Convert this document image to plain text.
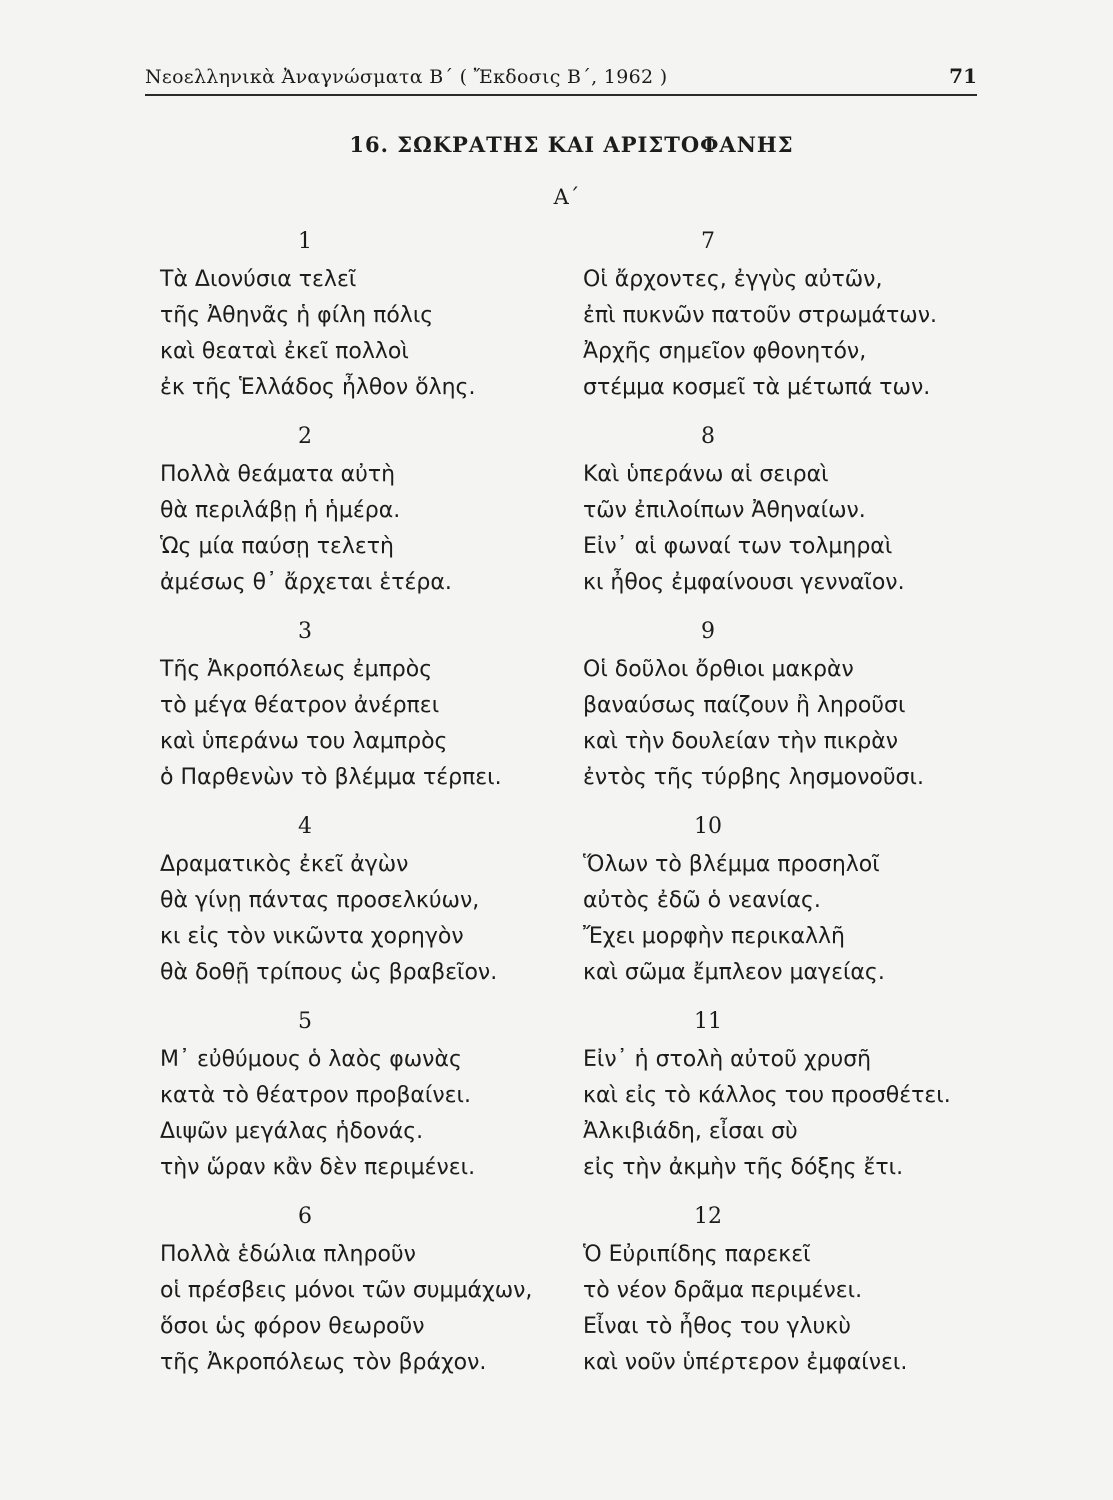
Νεοελληνικὰ Ἀναγνώσματα Β´ ( Ἔκδοσις Β´, 1962 )	71
16. ΣΩΚΡΑΤΗΣ ΚΑΙ ΑΡΙΣΤΟΦΑΝΗΣ
Α´
1
Τὰ Διονύσια τελεῖ
τῆς Ἀθηνᾶς ἡ φίλη πόλις
καὶ θεαταὶ ἐκεῖ πολλοὶ
ἐκ τῆς Ἑλλάδος ἦλθον ὅλης.
2
Πολλὰ θεάματα αὐτὴ
θὰ περιλάβῃ ἡ ἡμέρα.
Ὡς μία παύσῃ τελετὴ
ἀμέσως θ᾿ ἄρχεται ἑτέρα.
3
Τῆς Ἀκροπόλεως ἐμπρὸς
τὸ μέγα θέατρον ἀνέρπει
καὶ ὑπεράνω του λαμπρὸς
ὁ Παρθενὼν τὸ βλέμμα τέρπει.
4
Δραματικὸς ἐκεῖ ἀγὼν
θὰ γίνῃ πάντας προσελκύων,
κι εἰς τὸν νικῶντα χορηγὸν
θὰ δοθῇ τρίπους ὡς βραβεῖον.
5
Μ᾿ εὐθύμους ὁ λαὸς φωνὰς
κατὰ τὸ θέατρον προβαίνει.
Διψῶν μεγάλας ἡδονάς.
τὴν ὥραν κἂν δὲν περιμένει.
6
Πολλὰ ἑδώλια πληροῦν
οἱ πρέσβεις μόνοι τῶν συμμάχων,
ὅσοι ὡς φόρον θεωροῦν
τῆς Ἀκροπόλεως τὸν βράχον.
7
Οἱ ἄρχοντες, ἐγγὺς αὐτῶν,
ἐπὶ πυκνῶν πατοῦν στρωμάτων.
Ἀρχῆς σημεῖον φθονητόν,
στέμμα κοσμεῖ τὰ μέτωπά των.
8
Καὶ ὑπεράνω αἱ σειραὶ
τῶν ἐπιλοίπων Ἀθηναίων.
Εἰν᾿ αἱ φωναί των τολμηραὶ
κι ἦθος ἐμφαίνουσι γενναῖον.
9
Οἱ δοῦλοι ὄρθιοι μακρὰν
βαναύσως παίζουν ἢ ληροῦσι
καὶ τὴν δουλείαν τὴν πικρὰν
ἐντὸς τῆς τύρβης λησμονοῦσι.
10
Ὅλων τὸ βλέμμα προσηλοῖ
αὐτὸς ἐδῶ ὁ νεανίας.
Ἔχει μορφὴν περικαλλῆ
καὶ σῶμα ἔμπλεον μαγείας.
11
Εἰν᾿ ἡ στολὴ αὐτοῦ χρυσῆ
καὶ εἰς τὸ κάλλος του προσθέτει.
Ἀλκιβιάδη, εἶσαι σὺ
εἰς τὴν ἀκμὴν τῆς δόξης ἔτι.
12
Ὁ Εὐριπίδης παρεκεῖ
τὸ νέον δρᾶμα περιμένει.
Εἶναι τὸ ἦθος του γλυκὺ
καὶ νοῦν ὑπέρτερον ἐμφαίνει.
